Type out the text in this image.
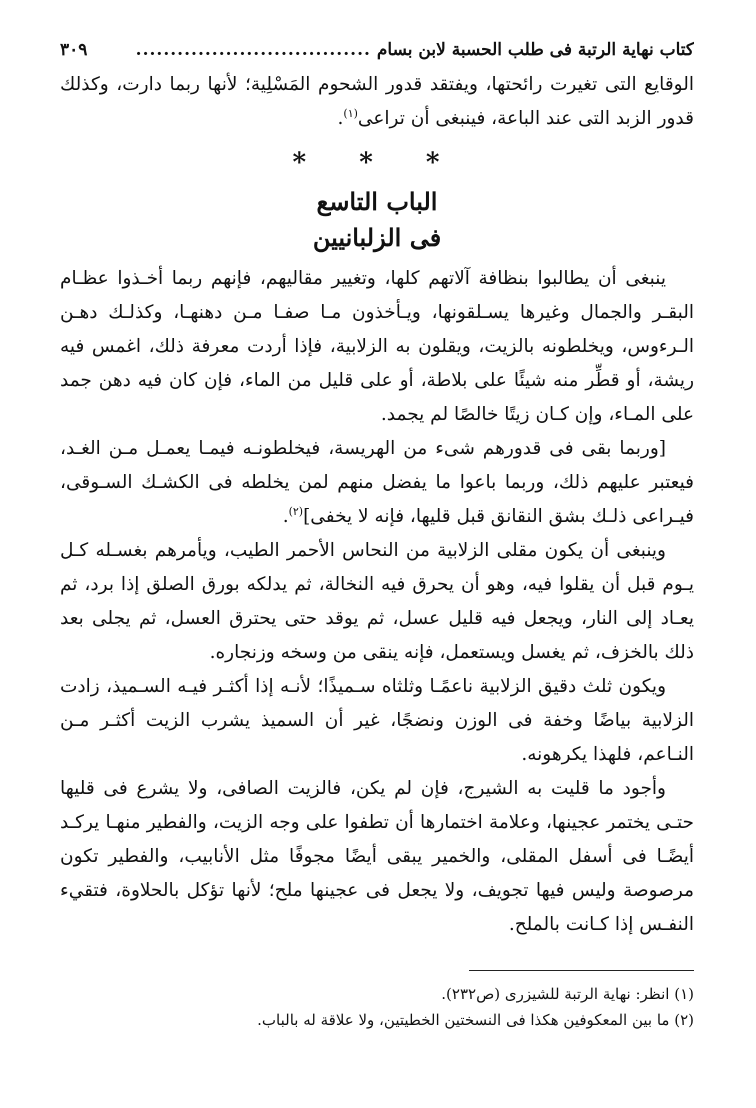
كتاب نهاية الرتبة فى طلب الحسبة لابن بسام
..................................
٣٠٩

الوقايع التى تغيرت رائحتها، ويفتقد قدور الشحوم المَسْلِية؛ لأنها ربما دارت، وكذلك قدور الزبد التى عند الباعة، فينبغى أن تراعى$^{(١)}$.

* * *
الباب التاسع
فى الزلبانيين

ينبغى أن يطالبوا بنظافة آلاتهم كلها، وتغيير مقاليهم، فإنهم ربما أخـذوا عظـام البقـر والجمال وغيرها يسـلقونها، ويـأخذون مـا صفـا مـن دهنهـا، وكذلـك دهـن الـرءوس، ويخلطونه بالزيت، ويقلون به الزلابية، فإذا أردت معرفة ذلك، اغمس فيه ريشة، أو قطِّر منه شيئًا على بلاطة، أو على قليل من الماء، فإن كان فيه دهن جمد على المـاء، وإن كـان زيتًا خالصًا لم يجمد.

[وربما بقى فى قدورهم شىء من الهريسة، فيخلطونـه فيمـا يعمـل مـن الغـد، فيعتبر عليهم ذلك، وربما باعوا ما يفضل منهم لمن يخلطه فى الكشـك السـوقى، فيـراعى ذلـك بشق النقانق قبل قليها، فإنه لا يخفى]$^{(٢)}$.

وينبغى أن يكون مقلى الزلابية من النحاس الأحمر الطيب، ويأمرهم بغسـله كـل يـوم قبل أن يقلوا فيه، وهو أن يحرق فيه النخالة، ثم يدلكه بورق الصلق إذا برد، ثم يعـاد إلى النار، ويجعل فيه قليل عسل، ثم يوقد حتى يحترق العسل، ثم يجلى بعد ذلك بالخزف، ثم يغسل ويستعمل، فإنه ينقى من وسخه وزنجاره.

ويكون ثلث دقيق الزلابية ناعمًـا وثلثاه سـميذًا؛ لأنـه إذا أكثـر فيـه السـميذ، زادت الزلابية بياضًا وخفة فى الوزن ونضجًا، غير أن السميذ يشرب الزيت أكثـر مـن النـاعم، فلهذا يكرهونه.

وأجود ما قليت به الشيرج، فإن لم يكن، فالزيت الصافى، ولا يشرع فى قليها حتـى يختمر عجينها، وعلامة اختمارها أن تطفوا على وجه الزيت، والفطير منهـا يركـد أيضًـا فى أسفل المقلى، والخمير يبقى أيضًا مجوفًا مثل الأنابيب، والفطير تكون مرصوصة وليس فيها تجويف، ولا يجعل فى عجينها ملح؛ لأنها تؤكل بالحلاوة، فتقيء النفـس إذا كـانت بالملح.

(١) انظر: نهاية الرتبة للشيزرى (ص٢٣٢).
(٢) ما بين المعكوفين هكذا فى النسختين الخطيتين، ولا علاقة له بالباب.
